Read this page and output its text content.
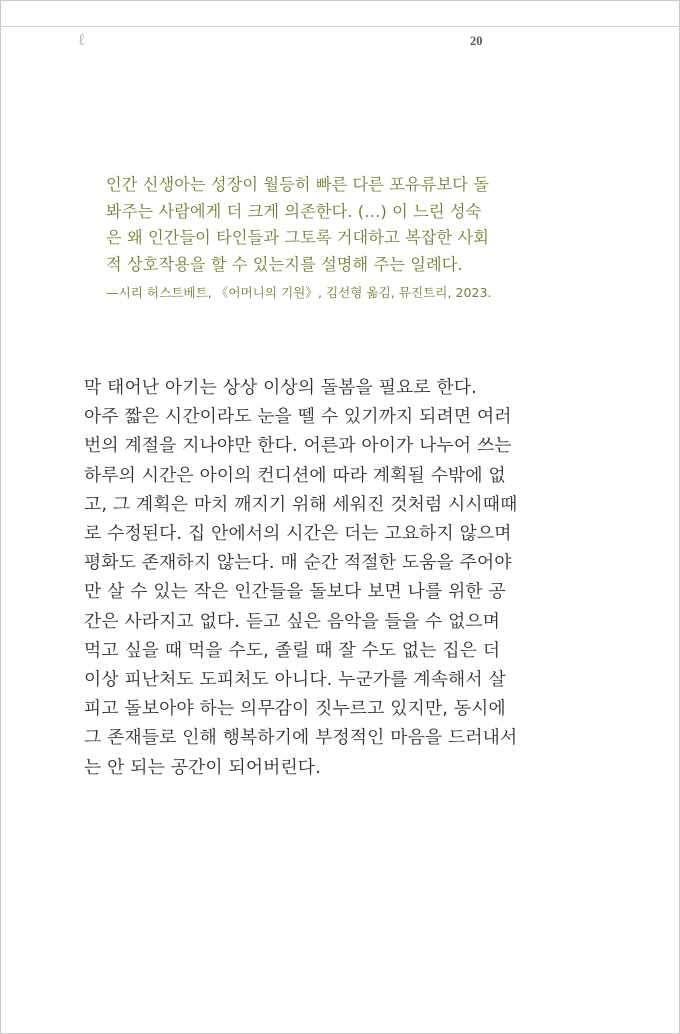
ℓ	20
인간 신생아는 성장이 월등히 빠른 다른 포유류보다 돌
봐주는 사람에게 더 크게 의존한다. (…) 이 느린 성숙
은 왜 인간들이 타인들과 그토록 거대하고 복잡한 사회
적 상호작용을 할 수 있는지를 설명해 주는 일례다.
—시리 허스트베트, 《어머니의 기원》, 김선형 옮김, 뮤진트리, 2023.
막 태어난 아기는 상상 이상의 돌봄을 필요로 한다.
아주 짧은 시간이라도 눈을 뗄 수 있기까지 되려면 여러
번의 계절을 지나야만 한다. 어른과 아이가 나누어 쓰는
하루의 시간은 아이의 컨디션에 따라 계획될 수밖에 없
고, 그 계획은 마치 깨지기 위해 세워진 것처럼 시시때때
로 수정된다. 집 안에서의 시간은 더는 고요하지 않으며
평화도 존재하지 않는다. 매 순간 적절한 도움을 주어야
만 살 수 있는 작은 인간들을 돌보다 보면 나를 위한 공
간은 사라지고 없다. 듣고 싶은 음악을 들을 수 없으며
먹고 싶을 때 먹을 수도, 졸릴 때 잘 수도 없는 집은 더
이상 피난처도 도피처도 아니다. 누군가를 계속해서 살
피고 돌보아야 하는 의무감이 짓누르고 있지만, 동시에
그 존재들로 인해 행복하기에 부정적인 마음을 드러내서
는 안 되는 공간이 되어버린다.
